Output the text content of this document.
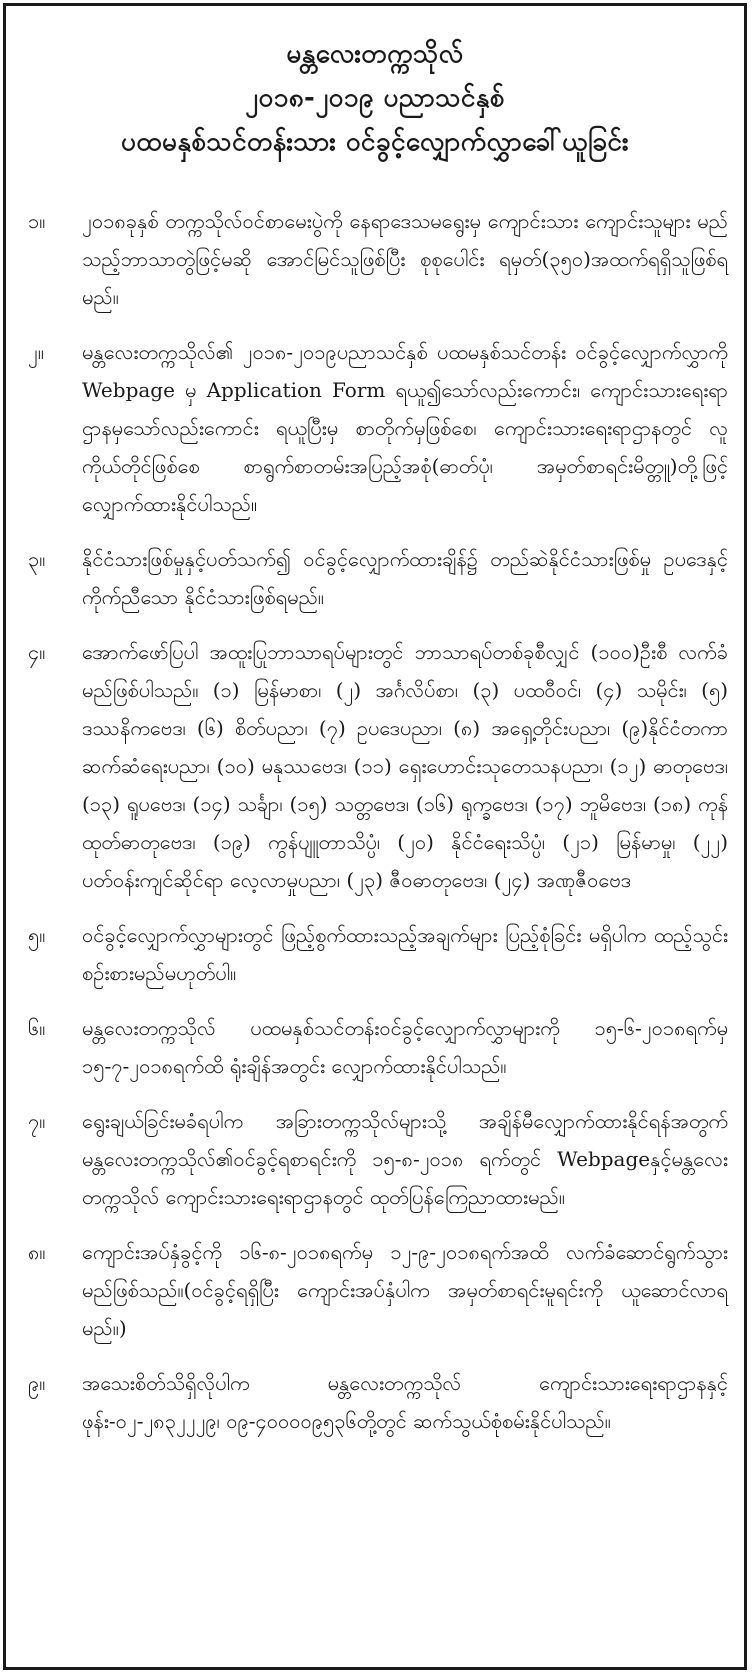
မန္တလေးတက္ကသိုလ်
၂၀၁၈-၂၀၁၉ ပညာသင်နှစ်
ပထမနှစ်သင်တန်းသား ဝင်ခွင့်လျှောက်လွှာခေါ်ယူခြင်း
၁။	၂၀၁၈ခုနှစ် တက္ကသိုလ်ဝင်စာမေးပွဲကို နေရာဒေသမရွေးမှ ကျောင်းသား ကျောင်းသူများ မည်သည့်ဘာသာတွဲဖြင့်မဆို အောင်မြင်သူဖြစ်ပြီး စုစုပေါင်း ရမှတ်(၃၅၀)အထက်ရရှိသူဖြစ်ရမည်။
၂။	မန္တလေးတက္ကသိုလ်၏ ၂၀၁၈-၂၀၁၉ပညာသင်နှစ် ပထမနှစ်သင်တန်း ဝင်ခွင့်လျှောက်လွှာကို Webpage မှ Application Form ရယူ၍သော်လည်းကောင်း၊ ကျောင်းသားရေးရာဌာနမှသော်လည်းကောင်း ရယူပြီးမှ စာတိုက်မှဖြစ်စေ၊ ကျောင်းသားရေးရာဌာနတွင် လူကိုယ်တိုင်ဖြစ်စေ စာရွက်စာတမ်းအပြည့်အစုံ(ဓာတ်ပုံ၊ အမှတ်စာရင်းမိတ္တူ)တို့ဖြင့် လျှောက်ထားနိုင်ပါသည်။
၃။	နိုင်ငံသားဖြစ်မှုနှင့်ပတ်သက်၍ ဝင်ခွင့်လျှောက်ထားချိန်၌ တည်ဆဲနိုင်ငံသားဖြစ်မှု ဥပဒေနှင့် ကိုက်ညီသော နိုင်ငံသားဖြစ်ရမည်။
၄။	အောက်ဖော်ပြပါ အထူးပြုဘာသာရပ်များတွင် ဘာသာရပ်တစ်ခုစီလျှင် (၁၀၀)ဦးစီ လက်ခံမည်ဖြစ်ပါသည်။ (၁) မြန်မာစာ၊ (၂) အင်္ဂလိပ်စာ၊ (၃) ပထဝီဝင်၊ (၄) သမိုင်း၊ (၅) ဒဿနိကဗေဒ၊ (၆) စိတ်ပညာ၊ (၇) ဥပဒေပညာ၊ (၈) အရှေ့တိုင်းပညာ၊ (၉)နိုင်ငံတကာဆက်ဆံရေးပညာ၊ (၁၀) မနုဿဗေဒ၊ (၁၁) ရှေးဟောင်းသုတေသနပညာ၊ (၁၂) ဓာတုဗေဒ၊ (၁၃) ရူပဗေဒ၊ (၁၄) သင်္ချာ၊ (၁၅) သတ္တဗေဒ၊ (၁၆) ရုက္ခဗေဒ၊ (၁၇) ဘူမိဗေဒ၊ (၁၈) ကုန်ထုတ်ဓာတုဗေဒ၊ (၁၉) ကွန်ပျူတာသိပ္ပံ၊ (၂၀) နိုင်ငံရေးသိပ္ပံ၊ (၂၁) မြန်မာမှု၊ (၂၂) ပတ်ဝန်းကျင်ဆိုင်ရာ လေ့လာမှုပညာ၊ (၂၃) ဇီဝဓာတုဗေဒ၊ (၂၄) အဏုဇီဝဗေဒ
၅။	ဝင်ခွင့်လျှောက်လွှာများတွင် ဖြည့်စွက်ထားသည့်အချက်များ ပြည့်စုံခြင်း မရှိပါက ထည့်သွင်းစဉ်းစားမည်မဟုတ်ပါ။
၆။	မန္တလေးတက္ကသိုလ် ပထမနှစ်သင်တန်းဝင်ခွင့်လျှောက်လွှာများကို ၁၅-၆-၂၀၁၈ရက်မှ ၁၅-၇-၂၀၁၈ရက်ထိ ရုံးချိန်အတွင်း လျှောက်ထားနိုင်ပါသည်။
၇။	ရွေးချယ်ခြင်းမခံရပါက အခြားတက္ကသိုလ်များသို့ အချိန်မီလျှောက်ထားနိုင်ရန်အတွက် မန္တလေးတက္ကသိုလ်၏ဝင်ခွင့်ရစာရင်းကို ၁၅-၈-၂၀၁၈ ရက်တွင် Webpageနှင့်မန္တလေးတက္ကသိုလ် ကျောင်းသားရေးရာဌာနတွင် ထုတ်ပြန်ကြေညာထားမည်။
၈။	ကျောင်းအပ်နှံခွင့်ကို ၁၆-၈-၂၀၁၈ရက်မှ ၁၂-၉-၂၀၁၈ရက်အထိ လက်ခံဆောင်ရွက်သွား မည်ဖြစ်သည်။(ဝင်ခွင့်ရရှိပြီး ကျောင်းအပ်နှံပါက အမှတ်စာရင်းမူရင်းကို ယူဆောင်လာရမည်။)
၉။	အသေးစိတ်သိရှိလိုပါက မန္တလေးတက္ကသိုလ် ကျောင်းသားရေးရာဌာနနှင့် ဖုန်း-၀၂-၂၈၃၂၂၂၉၊ ၀၉-၄၀၀၀၀၉၅၃၆တို့တွင် ဆက်သွယ်စုံစမ်းနိုင်ပါသည်။
